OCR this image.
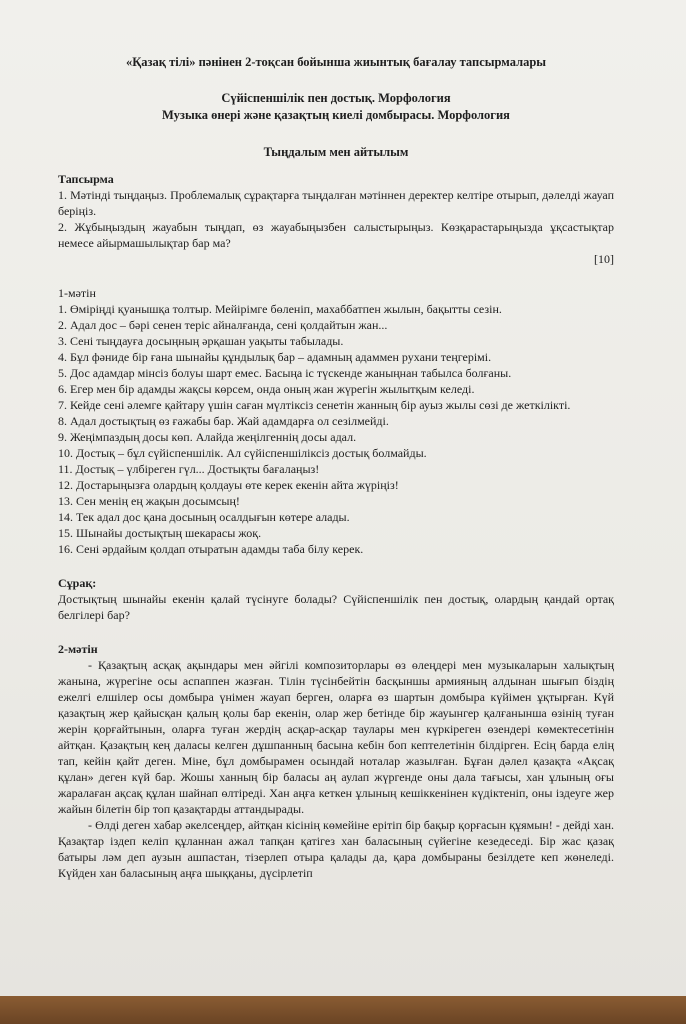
«Қазақ тілі» пәнінен 2-тоқсан бойынша жиынтық бағалау тапсырмалары
Сүйіспеншілік пен достық. Морфология
Музыка өнері және қазақтың киелі домбырасы. Морфология
Тыңдалым мен айтылым
Тапсырма
1. Мәтінді тыңдаңыз. Проблемалық сұрақтарға тыңдалған мәтіннен деректер келтіре отырып, дәлелді жауап беріңіз.
2. Жұбыңыздың жауабын тыңдап, өз жауабыңызбен салыстырыңыз. Көзқарастарыңызда ұқсастықтар немесе айырмашылықтар бар ма?
[10]
1-мәтін
1. Өміріңді қуанышқа толтыр. Мейірімге бөленіп, махаббатпен жылын, бақытты сезін.
2. Адал дос – бәрі сенен теріс айналғанда, сені қолдайтын жан...
3. Сені тыңдауға досыңның әрқашан уақыты табылады.
4. Бұл фәниде бір ғана шынайы құндылық бар – адамның адаммен рухани теңгерімі.
5. Дос адамдар мінсіз болуы шарт емес. Басыңа іс түскенде жаныңнан табылса болғаны.
6. Егер мен бір адамды жақсы көрсем, онда оның жан жүрегін жылытқым келеді.
7. Кейде сені әлемге қайтару үшін саған мүлтіксіз сенетін жанның бір ауыз жылы сөзі де жеткілікті.
8. Адал достықтың өз ғажабы бар. Жай адамдарға ол сезілмейді.
9. Жеңімпаздың досы көп. Алайда жеңілгеннің досы адал.
10. Достық – бұл сүйіспеншілік. Ал сүйіспеншіліксіз достық болмайды.
11. Достық – үлбіреген гүл... Достықты бағалаңыз!
12. Достарыңызға олардың қолдауы өте керек екенін айта жүріңіз!
13. Сен менің ең жақын досымсың!
14. Тек адал дос қана досының осалдығын көтере алады.
15. Шынайы достықтың шекарасы жоқ.
16. Сені әрдайым қолдап отыратын адамды таба білу керек.
Сұрақ:
Достықтың шынайы екенін қалай түсінуге болады? Сүйіспеншілік пен достық, олардың қандай ортақ белгілері бар?
2-мәтін

- Қазақтың асқақ ақындары мен әйгілі композиторлары өз өлеңдері мен музыкаларын халықтың жанына, жүрегіне осы аспаппен жазған. Тілін түсінбейтін басқыншы армияның алдынан шығып біздің ежелгі елшілер осы домбыра үнімен жауап берген, оларға өз шартын домбыра күйімен ұқтырған. Күй қазақтың жер қайысқан қалың қолы бар екенін, олар жер бетінде бір жауынгер қалғанынша өзінің туған жерін қорғайтынын, оларға туған жердің асқар-асқар таулары мен күркіреген өзендері көмектесетінін айтқан. Қазақтың кең даласы келген дұшпанның басына кебін боп кептелетінін білдірген. Есің барда елің тап, кейін қайт деген. Міне, бұл домбырамен осындай ноталар жазылған. Бұған дәлел қазақта «Ақсақ құлан» деген күй бар. Жошы ханның бір баласы аң аулап жүргенде оны дала тағысы, хан ұлының оғы жаралаған ақсақ құлан шайнап өлтіреді. Хан аңға кеткен ұлының кешіккенінен күдіктеніп, оны іздеуге жер жайын білетін бір топ қазақтарды аттандырады.

- Өлді деген хабар әкелсеңдер, айтқан кісінің көмейіне ерітіп бір бақыр қорғасын құямын! - дейді хан. Қазақтар іздеп келіп құланнан ажал тапқан қатігез хан баласының сүйегіне кезедеседі. Бір жас қазақ батыры ләм деп аузын ашпастан, тізерлеп отыра қалады да, қара домбыраны безілдете кеп жөнеледі. Күйден хан баласының аңға шыққаны, дүсірлетіп
